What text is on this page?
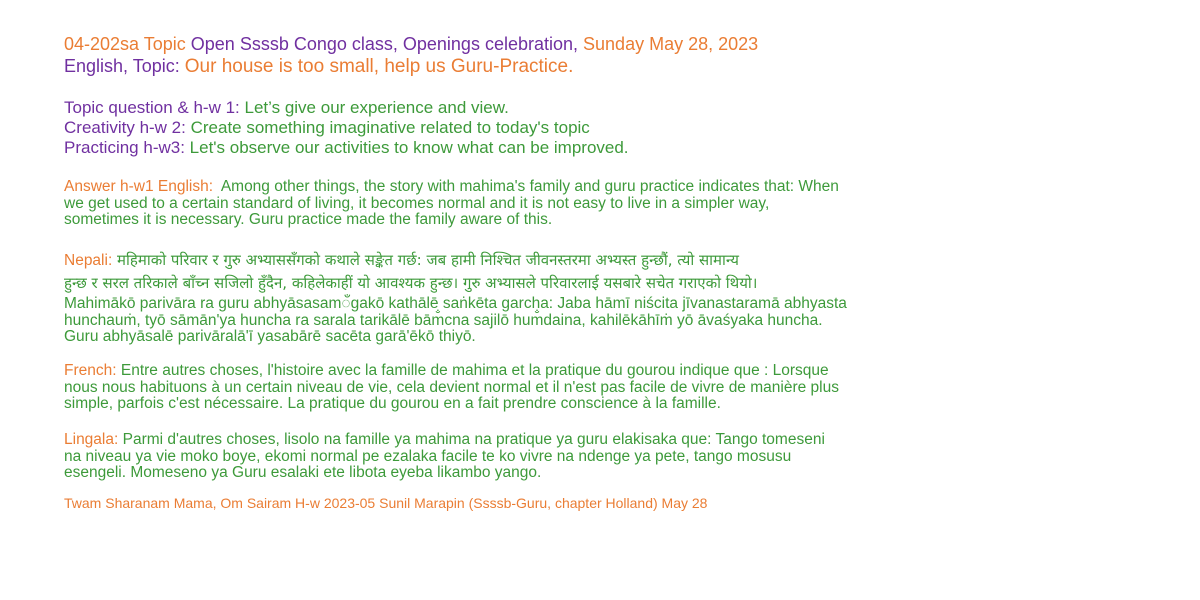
04-202sa Topic Open Ssssb Congo class, Openings celebration, Sunday May 28, 2023
English, Topic: Our house is too small, help us Guru-Practice.
Topic question & h-w 1: Let’s give our experience and view.
Creativity h-w 2: Create something imaginative related to today's topic
Practicing h-w3: Let's observe our activities to know what can be improved.
Answer h-w1 English: Among other things, the story with mahima's family and guru practice indicates that: When
we get used to a certain standard of living, it becomes normal and it is not easy to live in a simpler way,
sometimes it is necessary. Guru practice made the family aware of this.
Nepali: महिमाको परिवार र गुरु अभ्याससँगको कथाले सङ्केत गर्छ: जब हामी निश्चित जीवनस्तरमा अभ्यस्त हुन्छौं, त्यो सामान्य
हुन्छ र सरल तरिकाले बाँच्न सजिलो हुँदैन, कहिलेकाहीं यो आवश्यक हुन्छ। गुरु अभ्यासले परिवारलाई यसबारे सचेत गराएको थियो।
Mahimākō parivāra ra guru abhyāsasamँgakō kathālē saṅkēta garcha: Jaba hāmī niścita jīvanastaramā abhyasta
hunchauṁ, tyō sāmān'ya huncha ra sarala tarikālē bām̐cna sajilō hum̐daina, kahilēkāhīṁ yō āvaśyaka huncha.
Guru abhyāsalē parivāralā'ī yasabārē sacēta garā'ēkō thiyō.
French: Entre autres choses, l'histoire avec la famille de mahima et la pratique du gourou indique que : Lorsque
nous nous habituons à un certain niveau de vie, cela devient normal et il n'est pas facile de vivre de manière plus
simple, parfois c'est nécessaire. La pratique du gourou en a fait prendre conscience à la famille.
Lingala: Parmi d'autres choses, lisolo na famille ya mahima na pratique ya guru elakisaka que: Tango tomeseni
na niveau ya vie moko boye, ekomi normal pe ezalaka facile te ko vivre na ndenge ya pete, tango mosusu
esengeli. Momeseno ya Guru esalaki ete libota eyeba likambo yango.
Twam Sharanam Mama, Om Sairam H-w 2023-05 Sunil Marapin (Ssssb-Guru, chapter Holland) May 28
